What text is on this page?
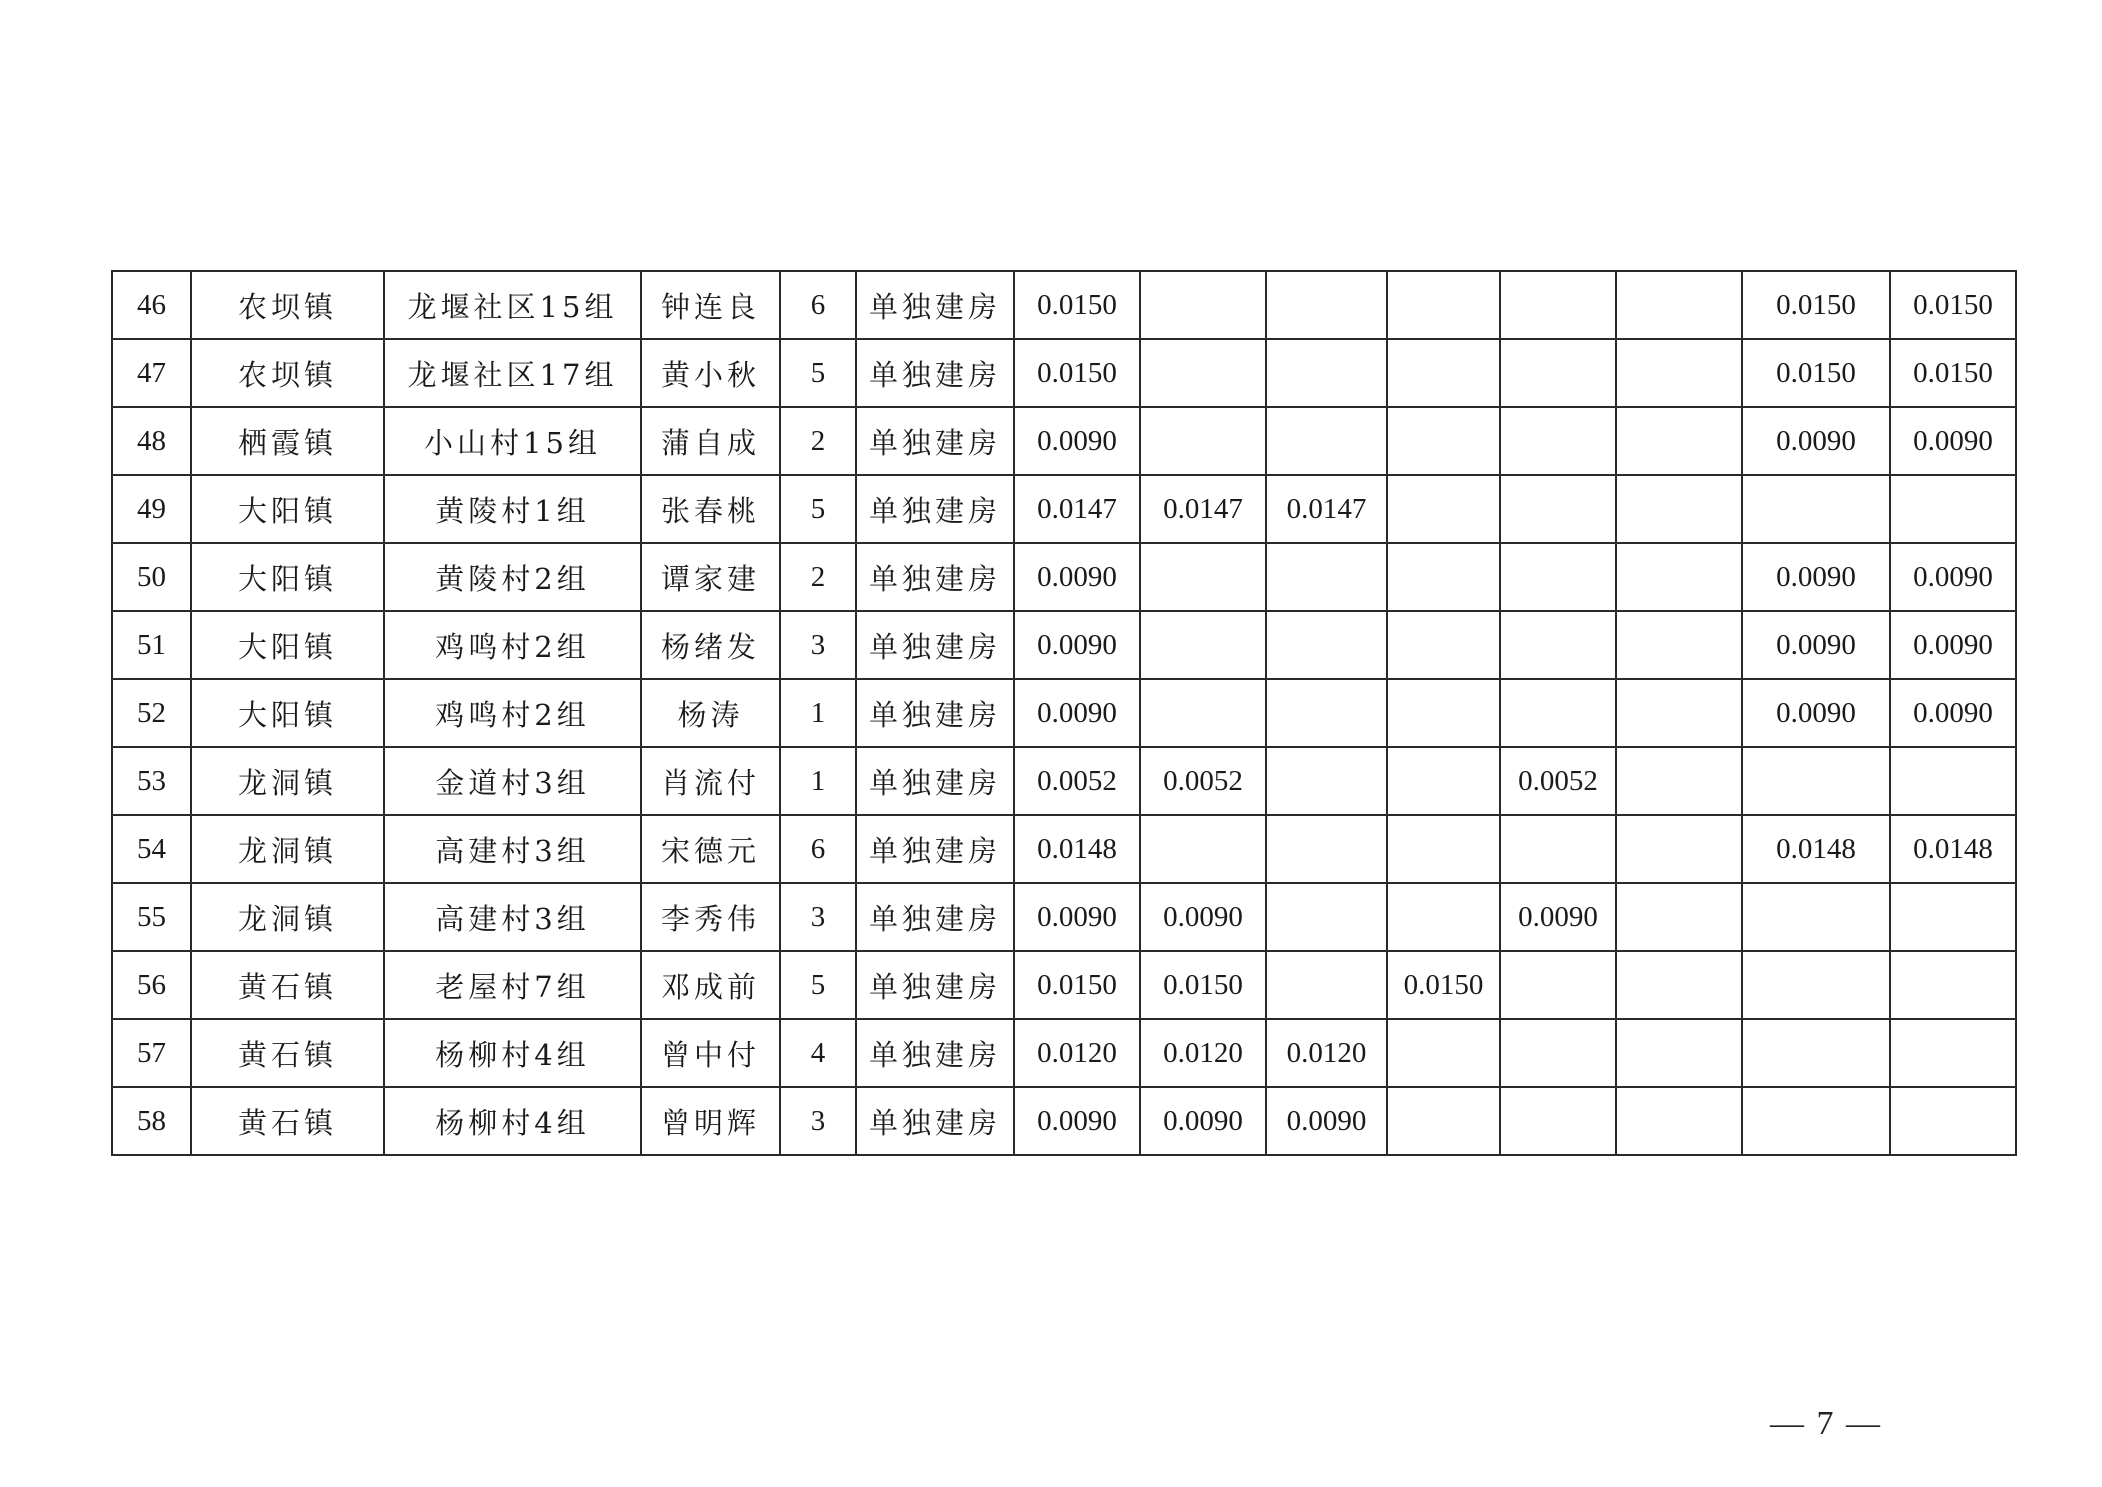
46	农坝镇	龙堰社区15组	钟连良	6	单独建房	0.0150						0.0150	0.0150
47	农坝镇	龙堰社区17组	黄小秋	5	单独建房	0.0150						0.0150	0.0150
48	栖霞镇	小山村15组	蒲自成	2	单独建房	0.0090						0.0090	0.0090
49	大阳镇	黄陵村1组	张春桃	5	单独建房	0.0147	0.0147	0.0147					
50	大阳镇	黄陵村2组	谭家建	2	单独建房	0.0090						0.0090	0.0090
51	大阳镇	鸡鸣村2组	杨绪发	3	单独建房	0.0090						0.0090	0.0090
52	大阳镇	鸡鸣村2组	杨涛	1	单独建房	0.0090						0.0090	0.0090
53	龙洞镇	金道村3组	肖流付	1	单独建房	0.0052	0.0052			0.0052			
54	龙洞镇	高建村3组	宋德元	6	单独建房	0.0148						0.0148	0.0148
55	龙洞镇	高建村3组	李秀伟	3	单独建房	0.0090	0.0090			0.0090			
56	黄石镇	老屋村7组	邓成前	5	单独建房	0.0150	0.0150		0.0150				
57	黄石镇	杨柳村4组	曾中付	4	单独建房	0.0120	0.0120	0.0120					
58	黄石镇	杨柳村4组	曾明辉	3	单独建房	0.0090	0.0090	0.0090					
— 7 —
